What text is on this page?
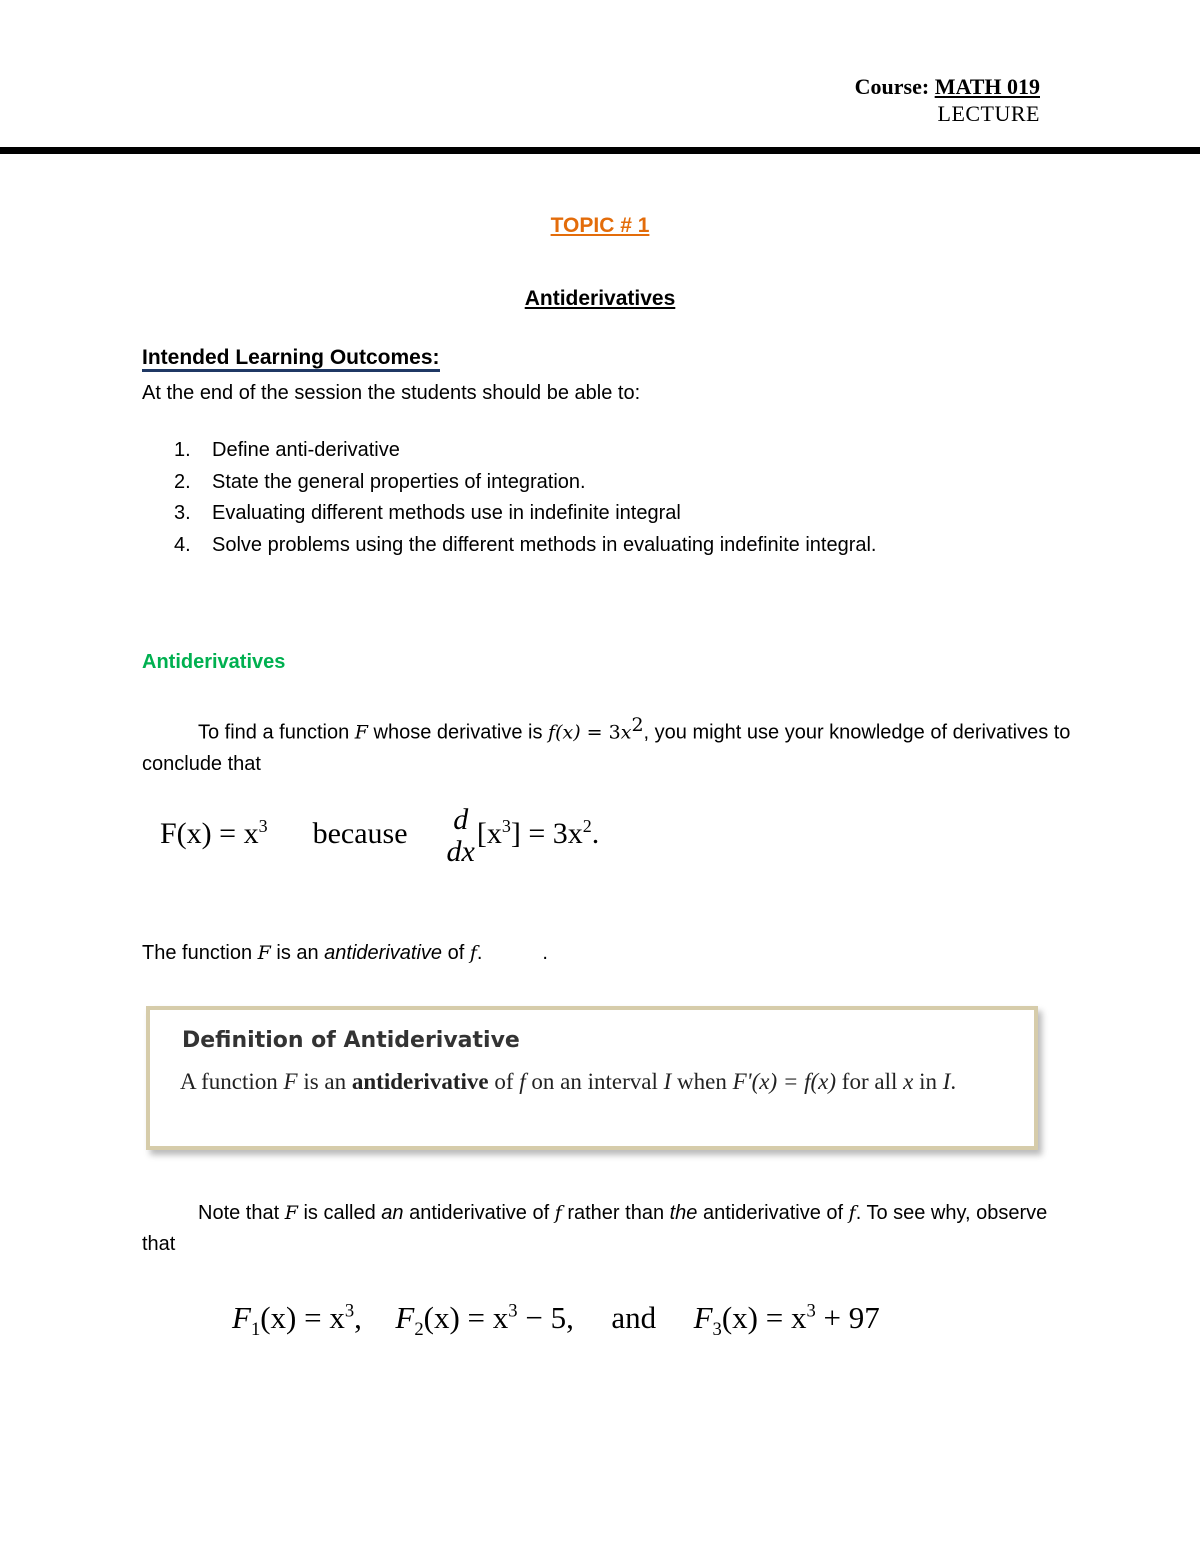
Course: MATH 019
LECTURE
TOPIC # 1
Antiderivatives
Intended Learning Outcomes:
At the end of the session the students should be able to:
1.	Define anti-derivative
2.	State the general properties of integration.
3.	Evaluating different methods use in indefinite integral
4.	Solve problems using the different methods in evaluating indefinite integral.
Antiderivatives
To find a function F whose derivative is $f(x) = 3x^2$, you might use your knowledge of derivatives to conclude that
$F(x) = x^3$ because d
dx
$[x^3] = 3x^2$.
The function F is an antiderivative of f.	.
Definition of Antiderivative
A function F is an antiderivative of f on an interval I when F'(x) = f(x) for all x in I.
Note that F is called an antiderivative of f rather than the antiderivative of f. To see why, observe that
$F_1(x) = x^3$, $F_2(x) = x^3 - 5$, and $F_3(x) = x^3 + 97$
